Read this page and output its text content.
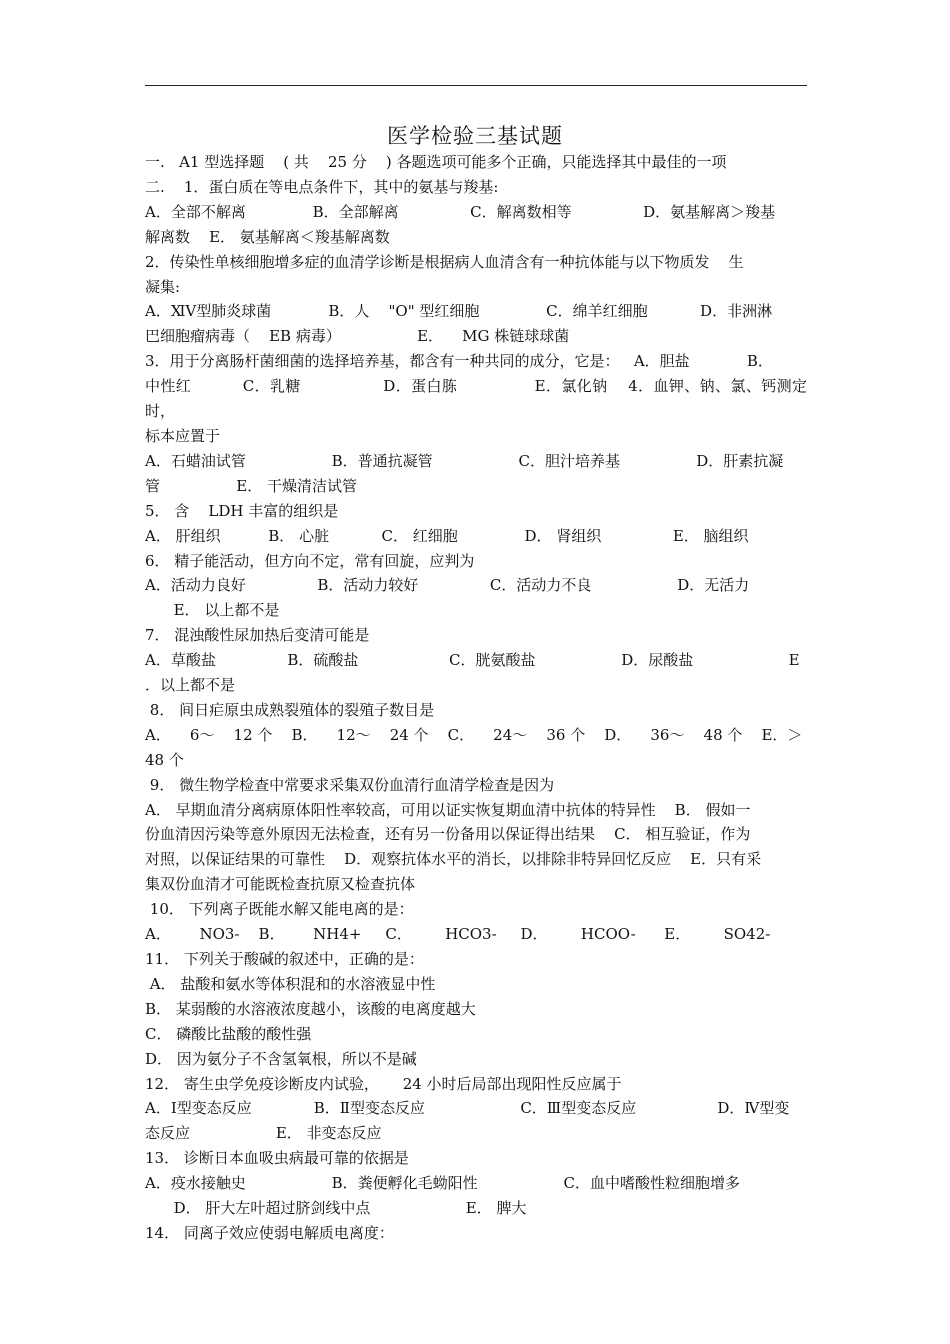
医学检验三基试题

一.   A1 型选择题    ( 共    25 分    ) 各题选项可能多个正确，只能选择其中最佳的一项

二.    1．蛋白质在等电点条件下，其中的氨基与羧基:

A．全部不解离              B．全部解离               C．解离数相等               D．氨基解离＞羧基

解离数    E． 氨基解离＜羧基解离数

2．传染性单核细胞增多症的血清学诊断是根据病人血清含有一种抗体能与以下物质发    生

凝集:

A．ⅪⅤ型肺炎球菌            B．人    "O" 型红细胞              C．绵羊红细胞           D．非洲淋

巴细胞瘤病毒（    EB 病毒）                E．    MG 株链球球菌

3．用于分离肠杆菌细菌的选择培养基，都含有一种共同的成分，它是：   A．胆盐            B．

中性红          C．乳糖                D．蛋白胨               E．氯化钠    4．血钾、钠、氯、钙测定时，

标本应置于

A．石蜡油试管                  B．普通抗凝管                  C．胆汁培养基                D．肝素抗凝

管                E． 干燥清洁试管

5． 含    LDH 丰富的组织是

A． 肝组织          B． 心脏           C． 红细胞              D． 肾组织               E． 脑组织

6． 精子能活动，但方向不定，常有回旋，应判为

A．活动力良好               B．活动力较好               C．活动力不良                  D．无活力

E． 以上都不是

7． 混浊酸性尿加热后变清可能是

A．草酸盐               B．硫酸盐                   C．胱氨酸盐                  D．尿酸盐                    E

．以上都不是

8． 间日疟原虫成熟裂殖体的裂殖子数目是

A．    6～    12 个    B．    12～    24 个    C．    24～    36 个    D．    36～    48 个    E．＞

48 个

9． 微生物学检查中常要求采集双份血清行血清学检查是因为

A． 早期血清分离病原体阳性率较高，可用以证实恢复期血清中抗体的特异性    B． 假如一

份血清因污染等意外原因无法检查，还有另一份备用以保证得出结果    C． 相互验证，作为

对照，以保证结果的可靠性    D．观察抗体水平的消长，以排除非特异回忆反应    E．只有采

集双份血清才可能既检查抗原又检查抗体

10． 下列离子既能水解又能电离的是：

A．      NO3-    B．      NH4+     C．       HCO3-     D．       HCOO-      E．       SO42-

11． 下列关于酸碱的叙述中，正确的是：

A． 盐酸和氨水等体积混和的水溶液显中性

B． 某弱酸的水溶液浓度越小，该酸的电离度越大

C． 磷酸比盐酸的酸性强

D． 因为氨分子不含氢氧根，所以不是碱

12． 寄生虫学免疫诊断皮内试验，     24 小时后局部出现阳性反应属于

A．Ⅰ型变态反应             B．Ⅱ型变态反应                    C．Ⅲ型变态反应                 D．Ⅳ型变

态反应                  E． 非变态反应

13． 诊断日本血吸虫病最可靠的依据是

A．疫水接触史                  B．粪便孵化毛蚴阳性                  C．血中嗜酸性粒细胞增多

D． 肝大左叶超过脐剑线中点                    E． 脾大

14． 同离子效应使弱电解质电离度：
